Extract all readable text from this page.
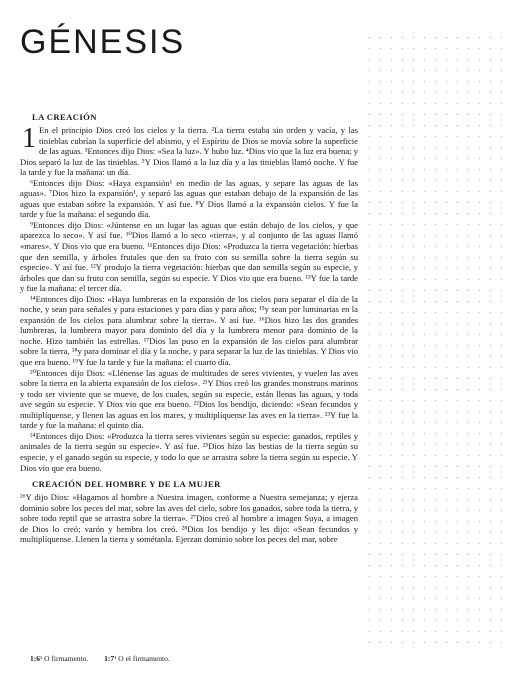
GÉNESIS
LA CREACIÓN

1 En el principio Dios creó los cielos y la tierra. ²La tierra estaba sin orden y vacía, y las tinieblas cubrían la superficie del abismo, y el Espíritu de Dios se movía sobre la superficie de las aguas. ³Entonces dijo Dios: «Sea la luz». Y hubo luz. ⁴Dios vio que la luz era buena; y Dios separó la luz de las tinieblas. ⁵Y Dios llamó a la luz día y a las tinieblas llamó noche. Y fue la tarde y fue la mañana: un día.

⁶Entonces dijo Dios: «Haya expansión¹ en medio de las aguas, y separe las aguas de las aguas». ⁷Dios hizo la expansión¹, y separó las aguas que estaban debajo de la expansión de las aguas que estaban sobre la expansión. Y así fue. ⁸Y Dios llamó a la expansión cielos. Y fue la tarde y fue la mañana: el segundo día.

⁹Entonces dijo Dios: «Júntense en un lugar las aguas que están debajo de los cielos, y que aparezca lo seco». Y así fue. ¹⁰Dios llamó a lo seco «tierra», y al conjunto de las aguas llamó «mares». Y Dios vio que era bueno. ¹¹Entonces dijo Dios: «Produzca la tierra vegetación: hierbas que den semilla, y árboles frutales que den su fruto con su semilla sobre la tierra según su especie». Y así fue. ¹²Y produjo la tierra vegetación: hierbas que dan semilla según su especie, y árboles que dan su fruto con semilla, según su especie. Y Dios vio que era bueno. ¹³Y fue la tarde y fue la mañana: el tercer día.

¹⁴Entonces dijo Dios: «Haya lumbreras en la expansión de los cielos para separar el día de la noche, y sean para señales y para estaciones y para días y para años; ¹⁵y sean por luminarias en la expansión de los cielos para alumbrar sobre la tierra». Y así fue. ¹⁶Dios hizo las dos grandes lumbreras, la lumbrera mayor para dominio del día y la lumbrera menor para dominio de la noche. Hizo también las estrellas. ¹⁷Dios las puso en la expansión de los cielos para alumbrar sobre la tierra, ¹⁸y para dominar el día y la noche, y para separar la luz de las tinieblas. Y Dios vio que era bueno. ¹⁹Y fue la tarde y fue la mañana: el cuarto día.

²⁰Entonces dijo Dios: «Llénense las aguas de multitudes de seres vivientes, y vuelen las aves sobre la tierra en la abierta expansión de los cielos». ²¹Y Dios creó los grandes monstruos marinos y todo ser viviente que se mueve, de los cuales, según su especie, están llenas las aguas, y toda ave según su especie. Y Dios vio que era bueno. ²²Dios los bendijo, diciendo: «Sean fecundos y multiplíquense, y llenen las aguas en los mares, y multiplíquense las aves en la tierra». ²³Y fue la tarde y fue la mañana: el quinto día.

²⁴Entonces dijo Dios: «Produzca la tierra seres vivientes según su especie: ganados, reptiles y animales de la tierra según su especie». Y así fue. ²⁵Dios hizo las bestias de la tierra según su especie, y el ganado según su especie, y todo lo que se arrastra sobre la tierra según su especie. Y Dios vio que era bueno.

CREACIÓN DEL HOMBRE Y DE LA MUJER

²⁶Y dijo Dios: «Hagamos al hombre a Nuestra imagen, conforme a Nuestra semejanza; y ejerza dominio sobre los peces del mar, sobre las aves del cielo, sobre los ganados, sobre toda la tierra, y sobre todo reptil que se arrastra sobre la tierra». ²⁷Dios creó al hombre a imagen Suya, a imagen de Dios lo creó; varón y hembra los creó. ²⁸Dios los bendijo y les dijo: «Sean fecundos y multiplíquense. Llenen la tierra y sométanla. Ejerzan dominio sobre los peces del mar, sobre

1:6¹ O firmamento. 1:7¹ O el firmamento.
